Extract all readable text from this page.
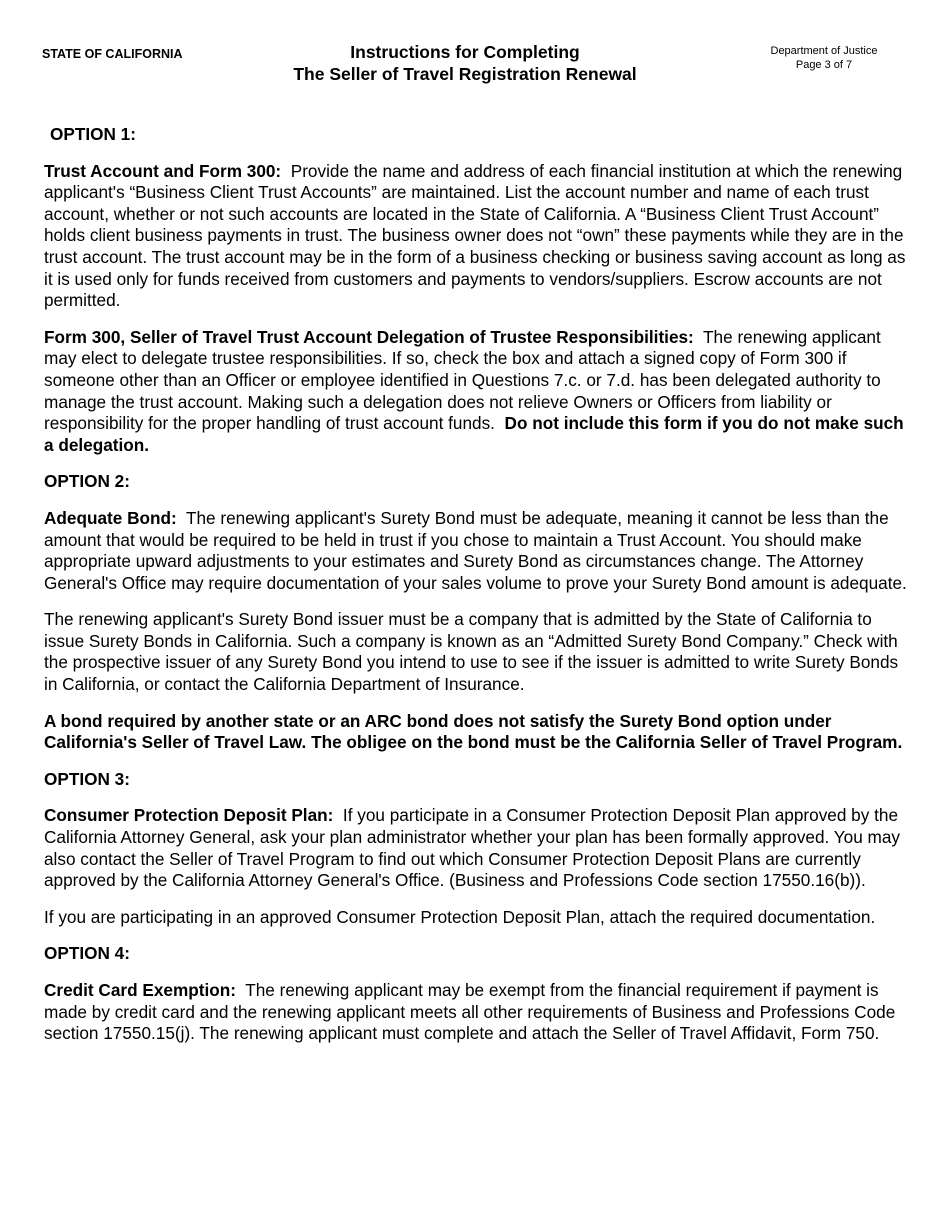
STATE OF CALIFORNIA	Instructions for Completing
The Seller of Travel Registration Renewal
Department of Justice
Page 3 of 7
OPTION 1:

Trust Account and Form 300: Provide the name and address of each financial institution at which the renewing applicant's “Business Client Trust Accounts” are maintained. List the account number and name of each trust account, whether or not such accounts are located in the State of California. A “Business Client Trust Account” holds client business payments in trust. The business owner does not “own” these payments while they are in the trust account. The trust account may be in the form of a business checking or business saving account as long as it is used only for funds received from customers and payments to vendors/suppliers. Escrow accounts are not permitted.

Form 300, Seller of Travel Trust Account Delegation of Trustee Responsibilities: The renewing applicant may elect to delegate trustee responsibilities. If so, check the box and attach a signed copy of Form 300 if someone other than an Officer or employee identified in Questions 7.c. or 7.d. has been delegated authority to manage the trust account. Making such a delegation does not relieve Owners or Officers from liability or responsibility for the proper handling of trust account funds. Do not include this form if you do not make such a delegation.

OPTION 2:

Adequate Bond: The renewing applicant's Surety Bond must be adequate, meaning it cannot be less than the amount that would be required to be held in trust if you chose to maintain a Trust Account. You should make appropriate upward adjustments to your estimates and Surety Bond as circumstances change. The Attorney General's Office may require documentation of your sales volume to prove your Surety Bond amount is adequate.

The renewing applicant's Surety Bond issuer must be a company that is admitted by the State of California to issue Surety Bonds in California. Such a company is known as an “Admitted Surety Bond Company.” Check with the prospective issuer of any Surety Bond you intend to use to see if the issuer is admitted to write Surety Bonds in California, or contact the California Department of Insurance.

A bond required by another state or an ARC bond does not satisfy the Surety Bond option under California's Seller of Travel Law. The obligee on the bond must be the California Seller of Travel Program.

OPTION 3:

Consumer Protection Deposit Plan: If you participate in a Consumer Protection Deposit Plan approved by the California Attorney General, ask your plan administrator whether your plan has been formally approved. You may also contact the Seller of Travel Program to find out which Consumer Protection Deposit Plans are currently approved by the California Attorney General's Office. (Business and Professions Code section 17550.16(b)).

If you are participating in an approved Consumer Protection Deposit Plan, attach the required documentation.

OPTION 4:

Credit Card Exemption: The renewing applicant may be exempt from the financial requirement if payment is made by credit card and the renewing applicant meets all other requirements of Business and Professions Code section 17550.15(j). The renewing applicant must complete and attach the Seller of Travel Affidavit, Form 750.
